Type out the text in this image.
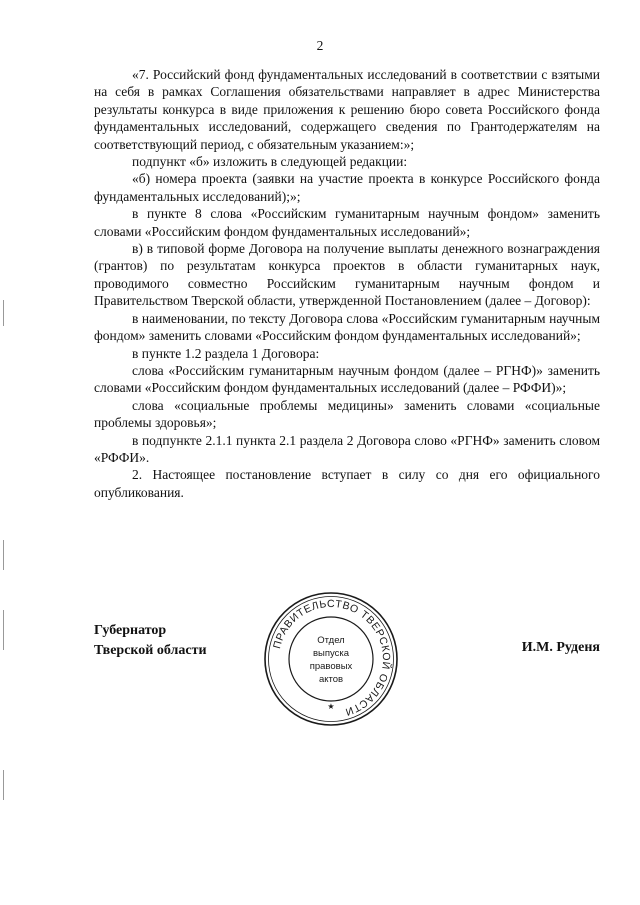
2

«7. Российский фонд фундаментальных исследований в соответствии с взятыми на себя в рамках Соглашения обязательствами направляет в адрес Министерства результаты конкурса в виде приложения к решению бюро совета Российского фонда фундаментальных исследований, содержащего сведения по Грантодержателям на соответствующий период, с обязательным указанием:»;

подпункт «б» изложить в следующей редакции:

«б) номера проекта (заявки на участие проекта в конкурсе Российского фонда фундаментальных исследований);»;

в пункте 8 слова «Российским гуманитарным научным фондом» заменить словами «Российским фондом фундаментальных исследований»;

в) в типовой форме Договора на получение выплаты денежного вознаграждения (грантов) по результатам конкурса проектов в области гуманитарных наук, проводимого совместно Российским гуманитарным научным фондом и Правительством Тверской области, утвержденной Постановлением (далее – Договор):

в наименовании, по тексту Договора слова «Российским гуманитарным научным фондом» заменить словами «Российским фондом фундаментальных исследований»;

в пункте 1.2 раздела 1 Договора:

слова «Российским гуманитарным научным фондом (далее – РГНФ)» заменить словами «Российским фондом фундаментальных исследований (далее – РФФИ)»;

слова «социальные проблемы медицины» заменить словами «социальные проблемы здоровья»;

в подпункте 2.1.1 пункта 2.1 раздела 2 Договора слово «РГНФ» заменить словом «РФФИ».

2. Настоящее постановление вступает в силу со дня его официального опубликования.

Губернатор
Тверской области	И.М. Руденя
ПРАВИТЕЛЬСТВО ТВЕРСКОЙ ОБЛАСТИ
★
Отдел
выпуска
правовых
актов
